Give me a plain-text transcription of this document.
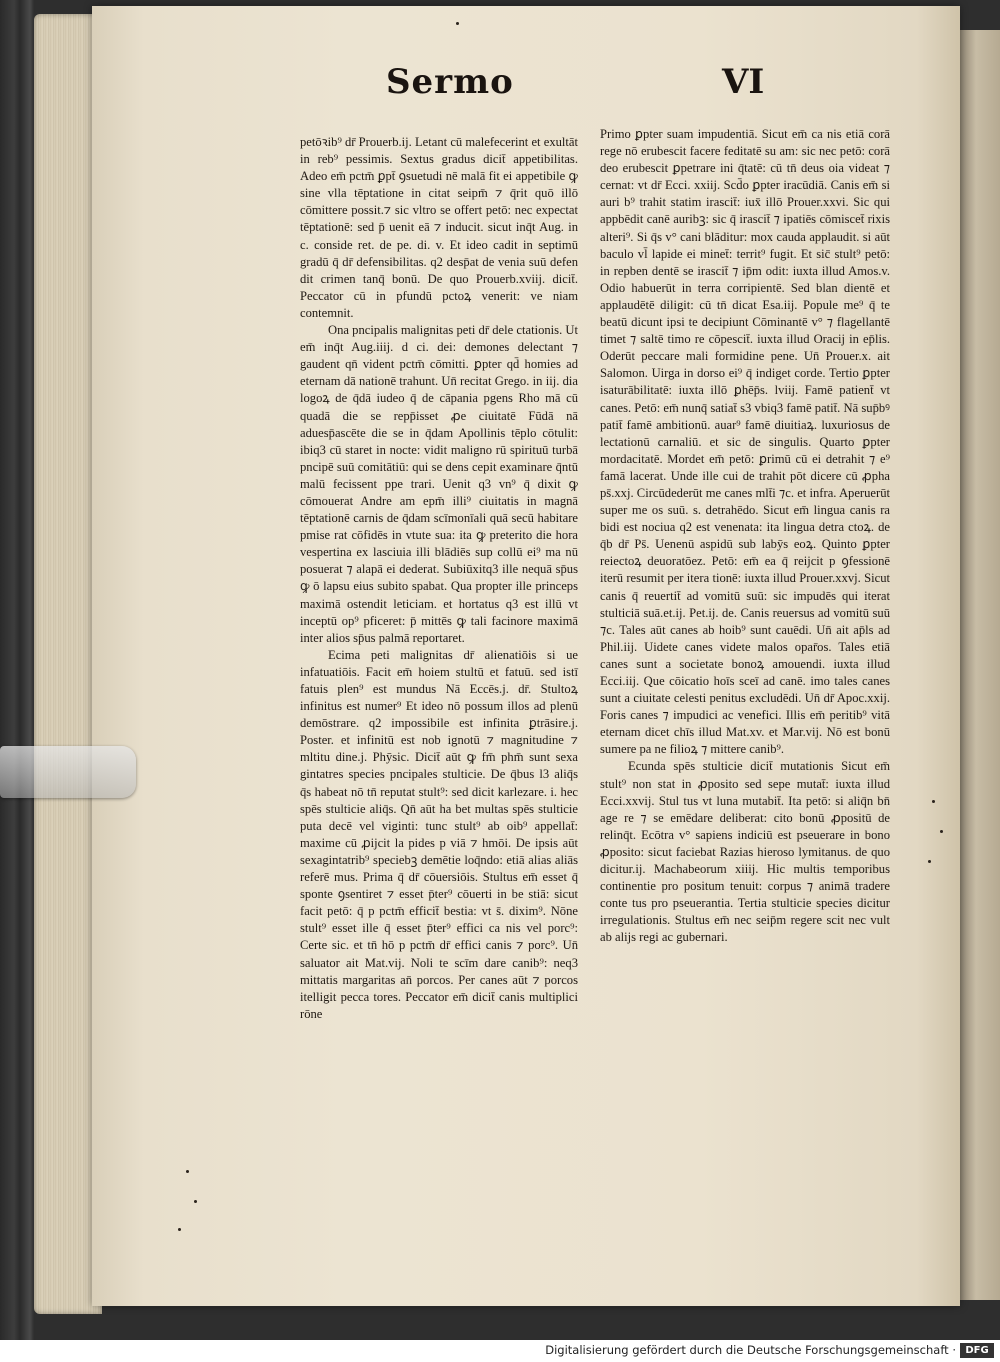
Sermo	VI

petōꝛib⁹ dr̄ Prouerb.ij. Letant cū malefecerint et exultāt in reb⁹ pessimis. Sextus gradus dicit̄ appetibilitas. Adeo em̄ pctm̄ ꝑpt̄ ꝯsuetudi nē malā fit ei appetibile ꝙ sine vlla tēptatione in citat seipm̄ ⁊ q̄rit quō illō cōmittere possit.⁊ sic vltro se offert petō: nec expectat tēptationē: sed p̄ uenit eā ⁊ inducit. sicut inq̄t Aug. in c. conside ret. de pe. di. v. Et ideo cadit in septimū gradū q̄ dr̄ defensibilitas. q2 desp̄at de venia suū defen dit crimen tanq̄ bonū. De quo Prouerb.xviij. dicit̄. Peccator cū in pfundū pctoꝝ venerit: ve niam contemnit.

Ona pncipalis malignitas peti dr̄ dele ctationis. Ut em̄ inq̄t Aug.iiij. d ci. dei: demones delectant ⁊ gaudent qn̄ vident pctm̄ cōmitti. ꝑpter qd̄ homies ad eternam dā nationē trahunt. Un̄ recitat Grego. in iij. dia logoꝝ de q̄dā iudeo q̄ de cāpania pgens Rho mā cū quadā die se repp̄isset ꝓe ciuitatē Fūdā nā aduesp̄ascēte die se in q̄dam Apollinis tēplo cōtulit: ibiq3 cū staret in nocte: vidit maligno rū spirituū turbā pncipē suū comitātiū: qui se dens cepit examinare q̄ntū malū fecissent ppe trari. Uenit q3 vn⁹ q̄ dixit ꝙ cōmouerat Andre am epm̄ illi⁹ ciuitatis in magnā tēptationē carnis de q̄dam scīmonīali quā secū habitare pmise rat cōfidēs in vtute sua: ita ꝙ preterito die hora vespertina ex lasciuia illi blādiēs sup collū ei⁹ ma nū posuerat ⁊ alapā ei dederat. Subiūxitq3 ille nequā sp̄us ꝙ ō lapsu eius subito spabat. Qua propter ille princeps maximā ostendit leticiam. et hortatus q3 est illū vt inceptū op⁹ pficeret: p̄ mittēs ꝙ tali facinore maximā inter alios sp̄us palmā reportaret.

Ecima peti malignitas dr̄ alienatiōis si ue infatuatiōis. Facit em̄ hoiem stultū et fatuū. sed istī fatuis plen⁹ est mundus Nā Eccēs.j. dr̄. Stultoꝝ infinitus est numer⁹ Et ideo nō possum illos ad plenū demōstrare. q2 impossibile est infinita ꝑtrāsire.j. Poster. et infinitū est nob ignotū ⁊ magnitudine ⁊ mltitu dine.j. Phȳsic. Dicit̄ aūt ꝙ fm̄ phm̄ sunt sexa gintatres species pncipales stulticie. De q̄bus l3 aliq̄s q̄s habeat nō tn̄ reputat stult⁹: sed dicit karlezare. i. hec spēs stulticie aliq̄s. Qn̄ aūt ha bet multas spēs stulticie puta decē vel viginti: tunc stult⁹ ab oib⁹ appellat̄: maxime cū ꝓijcit la pides p viā ⁊ hmōi. De ipsis aūt sexagintatrib⁹ speciebꝫ demētie loq̄ndo: etiā alias aliās referē mus. Prima q̄ dr̄ cōuersiōis. Stultus em̄ esset q̄ sponte ꝯsentiret ⁊ esset p̄ter⁹ cōuerti in be stiā: sicut facit petō: q̄ p pctm̄ efficit̄ bestia: vt s̄. dixim⁹. Nōne stult⁹ esset ille q̄ esset p̄ter⁹ effici ca nis vel porc⁹: Certe sic. et tn̄ hō p pctm̄ dr̄ effici canis ⁊ porc⁹. Un̄ saluator ait Mat.vij. Noli te scīm dare canib⁹: neq3 mittatis margaritas an̄ porcos. Per canes aūt ⁊ porcos itelligit pecca tores. Peccator em̄ dicit̄ canis multiplici rōne

Primo ꝑpter suam impudentiā. Sicut em̄ ca nis etiā corā rege nō erubescit facere feditatē su am: sic nec petō: corā deo erubescit ꝑpetrare ini q̄tatē: cū tn̄ deus oia videat ⁊ cernat: vt dr̄ Ecci. xxiij. Scd̄o ꝑpter iracūdiā. Canis em̄ si auri b⁹ trahit statim irascit̄: iux̄ illō Prouer.xxvi. Sic qui appbēdit canē auribꝫ: sic q̄ irascit̄ ⁊ ipatiēs cōmiscet̄ rixis alteri⁹. Si q̄s v° cani blāditur: mox cauda applaudit. si aūt baculo vl̄ lapide ei minet̄: territ⁹ fugit. Et sic̄ stult⁹ petō: in repben dentē se irascit̄ ⁊ ip̄m odit: iuxta illud Amos.v. Odio habuerūt in terra corripientē. Sed blan dientē et applaudētē diligit: cū tn̄ dicat Esa.iij. Popule me⁹ q̄ te beatū dicunt ipsi te decipiunt Cōminantē v° ⁊ flagellantē timet ⁊ saltē timo re cōpescit̄. iuxta illud Oracij in ep̄lis. Oderūt peccare mali formidine pene. Un̄ Prouer.x. ait Salomon. Uirga in dorso ei⁹ q̄ indiget corde. Tertio ꝑpter isaturābilitatē: iuxta illō ꝑhēp̄s. lviij. Famē patient̄ vt canes. Petō: em̄ nunq̄ satiat̄ s3 vbiq3 famē patit̄. Nā sup̄bꝰ patit̄ famē ambitionū. auar⁹ famē diuitiaꝝ. luxuriosus de lectationū carnaliū. et sic de singulis. Quarto ꝑpter mordacitatē. Mordet em̄ petō: ꝑrimū cū ei detrahit ⁊ e⁹ famā lacerat. Unde ille cui de trahit pōt dicere cū ꝓpha ps̄.xxj. Circūdederūt me canes mlt̄i ⁊c. et infra. Aperuerūt super me os suū. s. detrahēdo. Sicut em̄ lingua canis ra bidi est nociua q2 est venenata: ita lingua detra ctoꝝ. de q̄b dr̄ Ps̄. Uenenū aspidū sub labȳs eoꝝ. Quinto ꝑpter reiectoꝝ deuoratōez. Petō: em̄ ea q̄ reijcit p ꝯfessionē iterū resumit per itera tionē: iuxta illud Prouer.xxvj. Sicut canis q̄ reuertit̄ ad vomitū suū: sic impudēs qui iterat stulticiā suā.et.ij. Pet.ij. de. Canis reuersus ad vomitū suū ⁊c. Tales aūt canes ab hoib⁹ sunt cauēdi. Un̄ ait ap̄ls ad Phil.iij. Uidete canes videte malos opar̄os. Tales etiā canes sunt a societate bonoꝝ amouendi. iuxta illud Ecci.iij. Que cōicatio hoīs sceī ad canē. imo tales canes sunt a ciuitate celesti penitus excludēdi. Un̄ dr̄ Apoc.xxij. Foris canes ⁊ impudici ac venefici. Illis em̄ peritib⁹ vitā eternam dicet chīs illud Mat.xv. et Mar.vij. Nō est bonū sumere pa ne filioꝝ ⁊ mittere canib⁹.

Ecunda spēs stulticie dicit̄ mutationis Sicut em̄ stult⁹ non stat in ꝓposito sed sepe mutat̄: iuxta illud Ecci.xxvij. Stul tus vt luna mutabit̄. Ita petō: si aliq̄n bn̄ age re ⁊ se emēdare deliberat: cito bonū ꝓpositū de relinq̄t. Ecōtra v° sapiens indiciū est pseuerare in bono ꝓposito: sicut faciebat Razias hieroso lymitanus. de quo dicitur.ij. Machabeorum xiiij. Hic multis temporibus continentie pro positum tenuit: corpus ⁊ animā tradere conte tus pro pseuerantia. Tertia stulticie species dicitur irregulationis. Stultus em̄ nec seip̄m regere scit nec vult ab alijs regi ac gubernari.

Digitalisierung gefördert durch die Deutsche Forschungsgemeinschaft · DFG
